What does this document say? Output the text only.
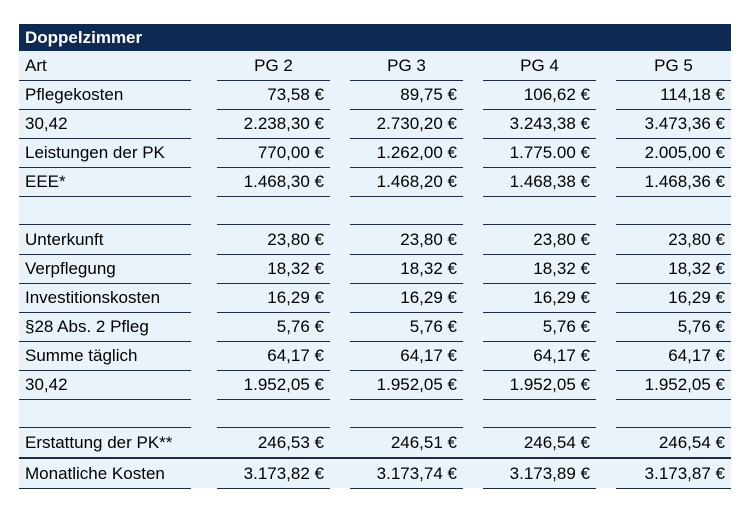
Doppelzimmer
Art	PG 2	PG 3	PG 4	PG 5
Pflegekosten	73,58 €	89,75 €	106,62 €	114,18 €
30,42	2.238,30 €	2.730,20 €	3.243,38 €	3.473,36 €
Leistungen der PK	770,00 €	1.262,00 €	1.775.00 €	2.005,00 €
EEE*	1.468,30 €	1.468,20 €	1.468,38 €	1.468,36 €
Unterkunft	23,80 €	23,80 €	23,80 €	23,80 €
Verpflegung	18,32 €	18,32 €	18,32 €	18,32 €
Investitionskosten	16,29 €	16,29 €	16,29 €	16,29 €
§28 Abs. 2 Pfleg	5,76 €	5,76 €	5,76 €	5,76 €
Summe täglich	64,17 €	64,17 €	64,17 €	64,17 €
30,42	1.952,05 €	1.952,05 €	1.952,05 €	1.952,05 €
Erstattung der PK**	246,53 €	246,51 €	246,54 €	246,54 €
Monatliche Kosten	3.173,82 €	3.173,74 €	3.173,89 €	3.173,87 €
